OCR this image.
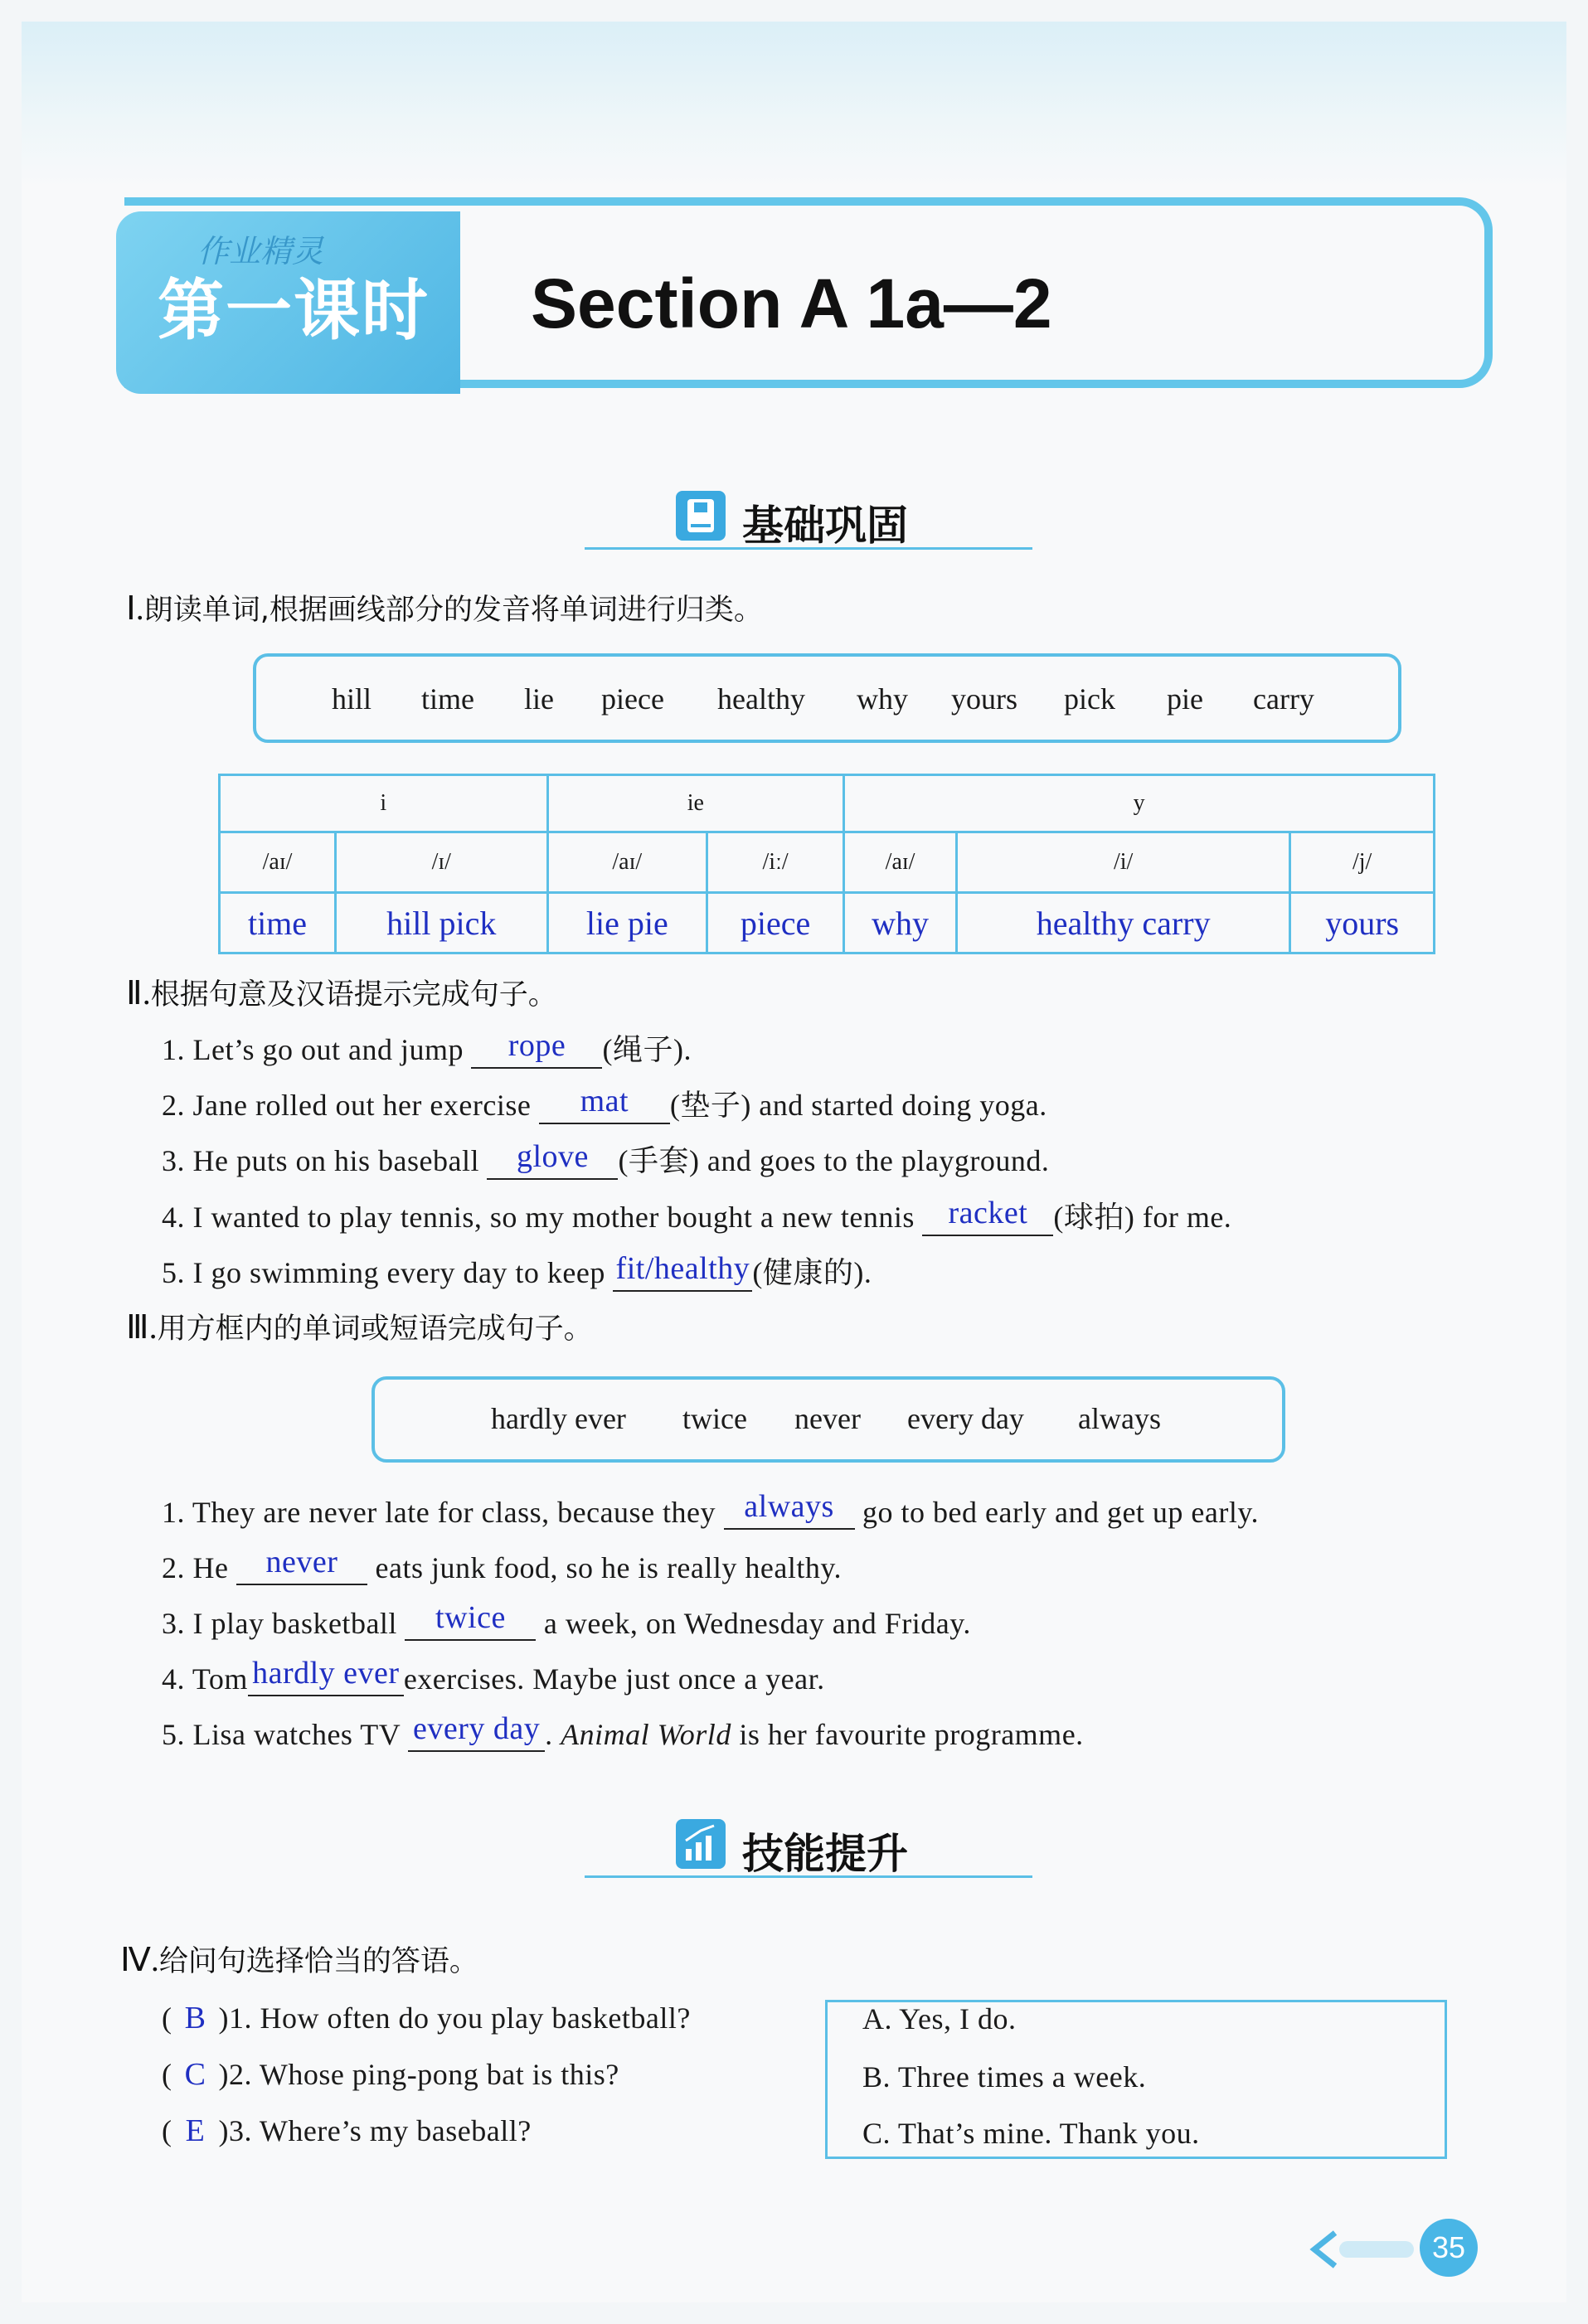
作业精灵
第一课时 Section A 1a—2
基础巩固
Ⅰ.朗读单词,根据画线部分的发音将单词进行归类。
hill time lie piece healthy why yours pick pie carry
i		ie		y		
/aɪ/	/ɪ/	/aɪ/	/iː/	/aɪ/	/i/	/j/
time	hill pick	lie pie	piece	why	healthy carry	yours
Ⅱ.根据句意及汉语提示完成句子。
1. Let’s go out and jump	rope	(绳子).
2. Jane rolled out her exercise	mat	(垫子) and started doing yoga.
3. He puts on his baseball glove (手套) and goes to the playground.
4. I wanted to play tennis, so my mother bought a new tennis racket (球拍) for me.
5. I go swimming every day to keep fit/healthy (健康的).
Ⅲ.用方框内的单词或短语完成句子。
hardly ever twice never every day always
1. They are never late for class, because they always go to bed early and get up early.
2. He never eats junk food, so he is really healthy.
3. I play basketball twice	a week, on Wednesday and Friday.
4. Tom hardly ever exercises. Maybe just once a year.
5. Lisa watches TV every day . Animal World is her favourite programme.
技能提升
Ⅳ.给问句选择恰当的答语。
( B )1. How often do you play basketball?
( C )2. Whose ping-pong bat is this?
( E )3. Where’s my baseball?
A. Yes, I do.
B. Three times a week.
C. That’s mine. Thank you.
35
